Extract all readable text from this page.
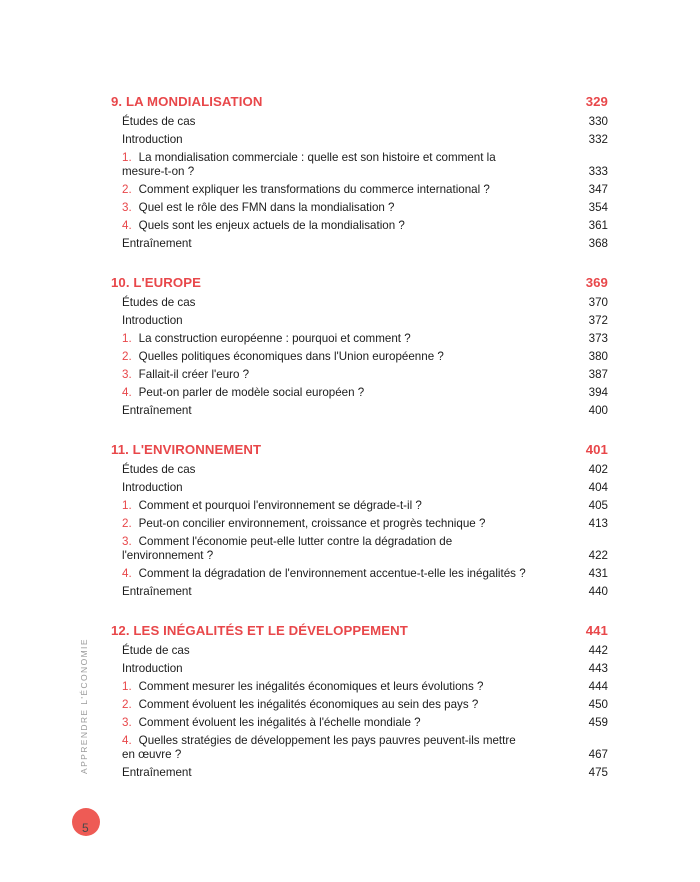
9. LA MONDIALISATION	329
Études de cas	330
Introduction	332
1. La mondialisation commerciale : quelle est son histoire et comment la mesure-t-on ?	333
2. Comment expliquer les transformations du commerce international ?	347
3. Quel est le rôle des FMN dans la mondialisation ?	354
4. Quels sont les enjeux actuels de la mondialisation ?	361
Entraînement	368
10. L'EUROPE	369
Études de cas	370
Introduction	372
1. La construction européenne : pourquoi et comment ?	373
2. Quelles politiques économiques dans l'Union européenne ?	380
3. Fallait-il créer l'euro ?	387
4. Peut-on parler de modèle social européen ?	394
Entraînement	400
11. L'ENVIRONNEMENT	401
Études de cas	402
Introduction	404
1. Comment et pourquoi l'environnement se dégrade-t-il ?	405
2. Peut-on concilier environnement, croissance et progrès technique ?	413
3. Comment l'économie peut-elle lutter contre la dégradation de l'environnement ?	422
4. Comment la dégradation de l'environnement accentue-t-elle les inégalités ?	431
Entraînement	440
12. LES INÉGALITÉS ET LE DÉVELOPPEMENT	441
Étude de cas	442
Introduction	443
1. Comment mesurer les inégalités économiques et leurs évolutions ?	444
2. Comment évoluent les inégalités économiques au sein des pays ?	450
3. Comment évoluent les inégalités à l'échelle mondiale ?	459
4. Quelles stratégies de développement les pays pauvres peuvent-ils mettre en œuvre ?	467
Entraînement	475
APPRENDRE L'ÉCONOMIE
5
